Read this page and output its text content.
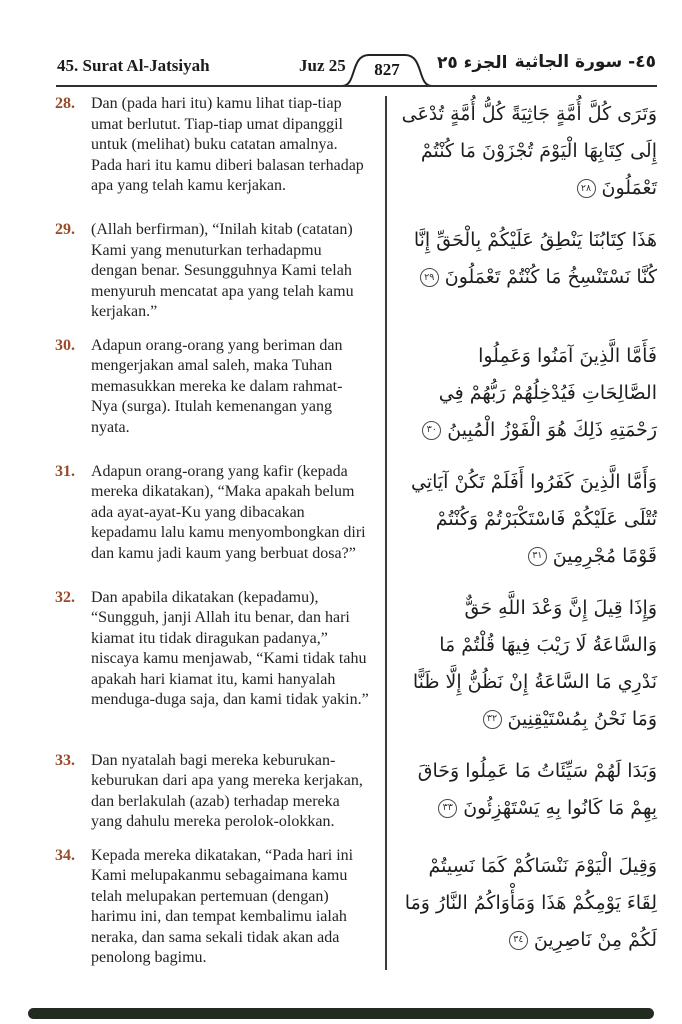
45. Surat Al-Jatsiyah	Juz 25	827	الجزء ٢٥ ٤٥- سورة الجاثية
28.	Dan (pada hari itu) kamu lihat tiap-tiap umat berlutut. Tiap-tiap umat dipanggil untuk (melihat) buku catatan amalnya. Pada hari itu kamu diberi balasan terhadap apa yang telah kamu kerjakan.

وَتَرَى كُلَّ أُمَّةٍ جَاثِيَةً كُلُّ أُمَّةٍ تُدْعَى إِلَى كِتَابِهَا الْيَوْمَ تُجْزَوْنَ مَا كُنْتُمْ تَعْمَلُونَ٢٨
29.	(Allah berfirman), “Inilah kitab (catatan) Kami yang menuturkan terhadapmu dengan benar. Sesungguhnya Kami telah menyuruh mencatat apa yang telah kamu kerjakan.”

هَذَا كِتَابُنَا يَنْطِقُ عَلَيْكُمْ بِالْحَقِّ إِنَّا كُنَّا نَسْتَنْسِخُ مَا كُنْتُمْ تَعْمَلُونَ٢٩
30.	Adapun orang-orang yang beriman dan mengerjakan amal saleh, maka Tuhan memasukkan mereka ke dalam rahmat-Nya (surga). Itulah kemenangan yang nyata.

فَأَمَّا الَّذِينَ آمَنُوا وَعَمِلُوا الصَّالِحَاتِ فَيُدْخِلُهُمْ رَبُّهُمْ فِي رَحْمَتِهِ ذَلِكَ هُوَ الْفَوْزُ الْمُبِينُ٣٠
31.	Adapun orang-orang yang kafir (kepada mereka dikatakan), “Maka apakah belum ada ayat-ayat-Ku yang dibacakan kepadamu lalu kamu menyombongkan diri dan kamu jadi kaum yang berbuat dosa?”

وَأَمَّا الَّذِينَ كَفَرُوا أَفَلَمْ تَكُنْ آيَاتِي تُتْلَى عَلَيْكُمْ فَاسْتَكْبَرْتُمْ وَكُنْتُمْ قَوْمًا مُجْرِمِينَ٣١
32.	Dan apabila dikatakan (kepadamu), “Sungguh, janji Allah itu benar, dan hari kiamat itu tidak diragukan padanya,” niscaya kamu menjawab, “Kami tidak tahu apakah hari kiamat itu, kami hanyalah menduga-duga saja, dan kami tidak yakin.”

وَإِذَا قِيلَ إِنَّ وَعْدَ اللَّهِ حَقٌّ وَالسَّاعَةُ لَا رَيْبَ فِيهَا قُلْتُمْ مَا نَدْرِي مَا السَّاعَةُ إِنْ نَظُنُّ إِلَّا ظَنًّا وَمَا نَحْنُ بِمُسْتَيْقِنِينَ٣٢
33.	Dan nyatalah bagi mereka keburukan-keburukan dari apa yang mereka kerjakan, dan berlakulah (azab) terhadap mereka yang dahulu mereka perolok-olokkan.

وَبَدَا لَهُمْ سَيِّئَاتُ مَا عَمِلُوا وَحَاقَ بِهِمْ مَا كَانُوا بِهِ يَسْتَهْزِئُونَ٣٣
34.	Kepada mereka dikatakan, “Pada hari ini Kami melupakanmu sebagaimana kamu telah melupakan pertemuan (dengan) harimu ini, dan tempat kembalimu ialah neraka, dan sama sekali tidak akan ada penolong bagimu.

وَقِيلَ الْيَوْمَ نَنْسَاكُمْ كَمَا نَسِيتُمْ لِقَاءَ يَوْمِكُمْ هَذَا وَمَأْوَاكُمُ النَّارُ وَمَا لَكُمْ مِنْ نَاصِرِينَ٣٤
